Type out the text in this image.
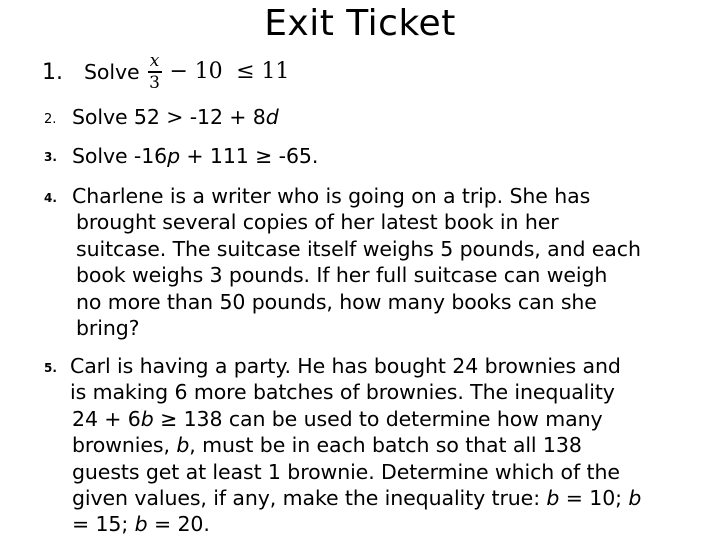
Exit Ticket
1. Solve $\frac{x}{3} - 10 \le 11$
2. Solve 52 > -12 + 8d
3. Solve -16p + 111 ≥ -65.
4. Charlene is a writer who is going on a trip. She has
brought several copies of her latest book in her
suitcase. The suitcase itself weighs 5 pounds, and each
book weighs 3 pounds. If her full suitcase can weigh
no more than 50 pounds, how many books can she
bring?
5. Carl is having a party. He has bought 24 brownies and
is making 6 more batches of brownies. The inequality
24 + 6b ≥ 138 can be used to determine how many
brownies, b, must be in each batch so that all 138
guests get at least 1 brownie. Determine which of the
given values, if any, make the inequality true: b = 10; b
= 15; b = 20.
